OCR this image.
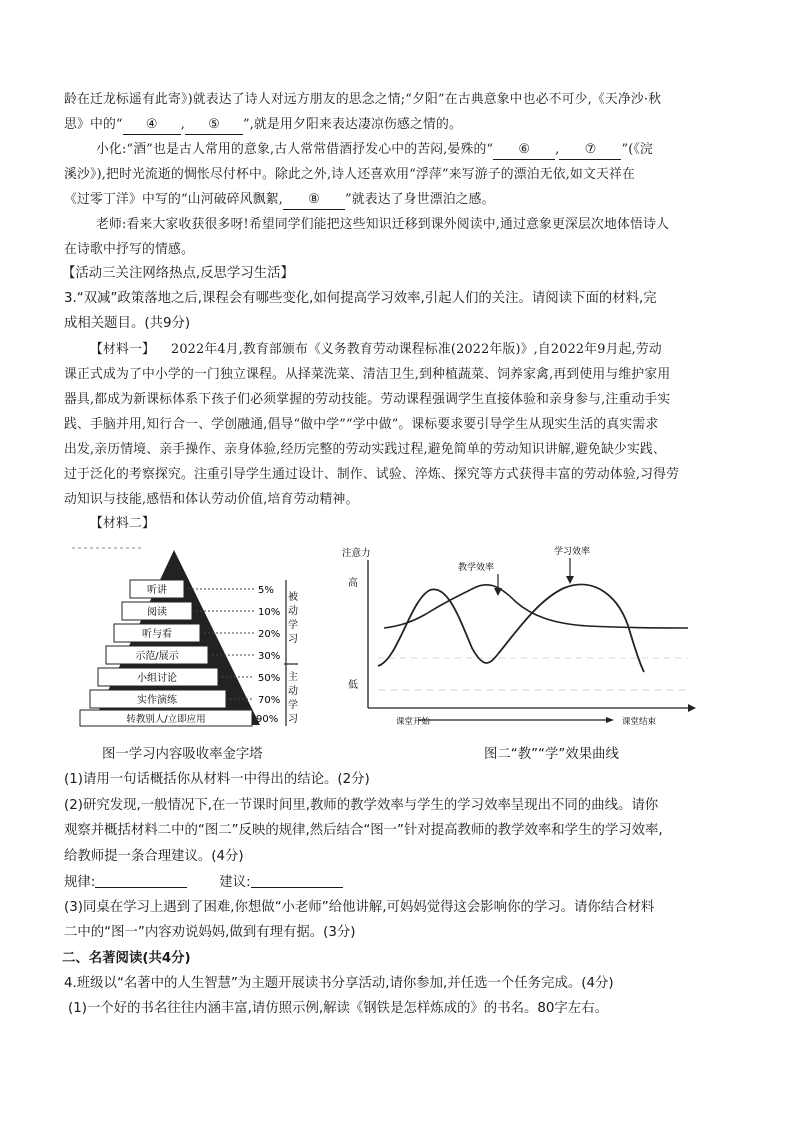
龄在迁龙标遥有此寄》)就表达了诗人对远方朋友的思念之情;“夕阳”在古典意象中也必不可少,《天净沙·秋
思》中的“ ④ , ⑤ ”,就是用夕阳来表达凄凉伤感之情的。
小化:“酒”也是古人常用的意象,古人常常借酒抒发心中的苦闷,晏殊的“ ⑥ , ⑦ ”(《浣
溪沙》),把时光流逝的惆怅尽付杯中。除此之外,诗人还喜欢用“浮萍”来写游子的漂泊无依,如文天祥在
《过零丁洋》中写的“山河破碎风飘絮, ⑧ ”就表达了身世漂泊之感。
老师:看来大家收获很多呀!希望同学们能把这些知识迁移到课外阅读中,通过意象更深层次地体悟诗人
在诗歌中抒写的情感。
【活动三关注网络热点,反思学习生活】
3.“双减”政策落地之后,课程会有哪些变化,如何提高学习效率,引起人们的关注。请阅读下面的材料,完
成相关题目。(共9分)
【材料一】 2022年4月,教育部颁布《义务教育劳动课程标准(2022年版)》,自2022年9月起,劳动
课正式成为了中小学的一门独立课程。从择菜洗菜、清洁卫生,到种植蔬菜、饲养家禽,再到使用与维护家用
器具,都成为新课标体系下孩子们必须掌握的劳动技能。劳动课程强调学生直接体验和亲身参与,注重动手实
践、手脑并用,知行合一、学创融通,倡导“做中学”“学中做”。课标要求要引导学生从现实生活的真实需求
出发,亲历情境、亲手操作、亲身体验,经历完整的劳动实践过程,避免简单的劳动知识讲解,避免缺少实践、
过于泛化的考察探究。注重引导学生通过设计、制作、试验、淬炼、探究等方式获得丰富的劳动体验,习得劳
动知识与技能,感悟和体认劳动价值,培育劳动精神。
【材料二】
听讲
阅读
听与看
示范/展示
小组讨论
实作演练
转教别人/立即应用
5%
10%
20%
30%
50%
70%
90%
被
动
学
习
主
动
学
习
注意力
高
低
教学效率
学习效率
课堂开始	课堂结束
图一学习内容吸收率金字塔	图二“教”“学”效果曲线
(1)请用一句话概括你从材料一中得出的结论。(2分)
(2)研究发现,一般情况下,在一节课时间里,教师的教学效率与学生的学习效率呈现出不同的曲线。请你
观察并概括材料二中的“图二”反映的规律,然后结合“图一”针对提高教师的教学效率和学生的学习效率,
给教师提一条合理建议。(4分)
规律:	建议:
(3)同桌在学习上遇到了困难,你想做“小老师”给他讲解,可妈妈觉得这会影响你的学习。请你结合材料
二中的“图一”内容劝说妈妈,做到有理有据。(3分)
二、名著阅读(共4分)
4.班级以“名著中的人生智慧”为主题开展读书分享活动,请你参加,并任选一个任务完成。(4分)
(1)一个好的书名往往内涵丰富,请仿照示例,解读《钢铁是怎样炼成的》的书名。80字左右。
